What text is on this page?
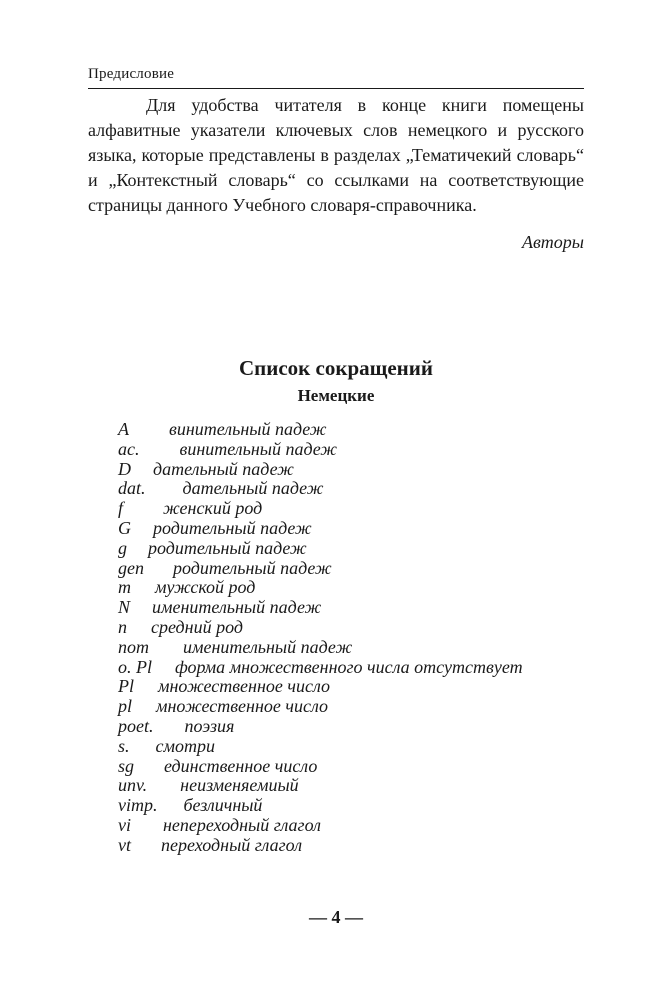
Предисловие

Для удобства читателя в конце книги помещены алфавитные указатели ключевых слов немецкого и русского языка, которые представлены в разделах „Тематичекий словарь“ и „Контекстный словарь“ со ссылками на соответствующие страницы данного Учебного словаря-справочника.

Авторы
Список сокращений
Немецкие
A винительный падеж
ac. винительный падеж
D дательный падеж
dat. дательный падеж
f женский род
G родительный падеж
g родительный падеж
gen родительный падеж
m мужской род
N именительный падеж
n средний род
nom именительный падеж
o. Pl форма множественного числа отсутствует
Pl множественное число
pl множественное число
poet. поэзия
s. смотри
sg единственное число
unv. неизменяемиый
vimp. безличный
vi непереходный глагол
vt переходный глагол
— 4 —
